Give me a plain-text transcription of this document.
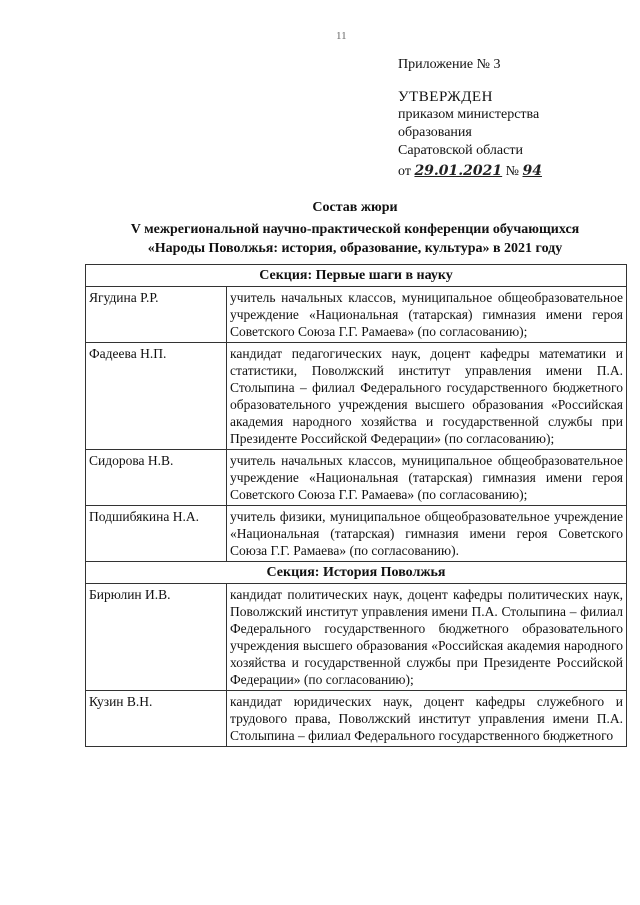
11
Приложение № 3
УТВЕРЖДЕН
приказом министерства
образования
Саратовской области
от 29.01.2021 № 94
Состав жюри
V межрегиональной научно-практической конференции обучающихся
«Народы Поволжья: история, образование, культура» в 2021 году
Секция: Первые шаги в науку	
Ягудина Р.Р.	учитель начальных классов, муниципальное общеобразовательное учреждение «Национальная (татарская) гимназия имени героя Советского Союза Г.Г. Рамаева» (по согласованию);
Фадеева Н.П.	кандидат педагогических наук, доцент кафедры математики и статистики, Поволжский институт управления имени П.А. Столыпина – филиал Федерального государственного бюджетного образовательного учреждения высшего образования «Российская академия народного хозяйства и государственной службы при Президенте Российской Федерации» (по согласованию);
Сидорова Н.В.	учитель начальных классов, муниципальное общеобразовательное учреждение «Национальная (татарская) гимназия имени героя Советского Союза Г.Г. Рамаева» (по согласованию);
Подшибякина Н.А.	учитель физики, муниципальное общеобразовательное учреждение «Национальная (татарская) гимназия имени героя Советского Союза Г.Г. Рамаева» (по согласованию).
Секция: История Поволжья	
Бирюлин И.В.	кандидат политических наук, доцент кафедры политических наук, Поволжский институт управления имени П.А. Столыпина – филиал Федерального государственного бюджетного образовательного учреждения высшего образования «Российская академия народного хозяйства и государственной службы при Президенте Российской Федерации» (по согласованию);
Кузин В.Н.	кандидат юридических наук, доцент кафедры служебного и трудового права, Поволжский институт управления имени П.А. Столыпина – филиал Федерального государственного бюджетного
